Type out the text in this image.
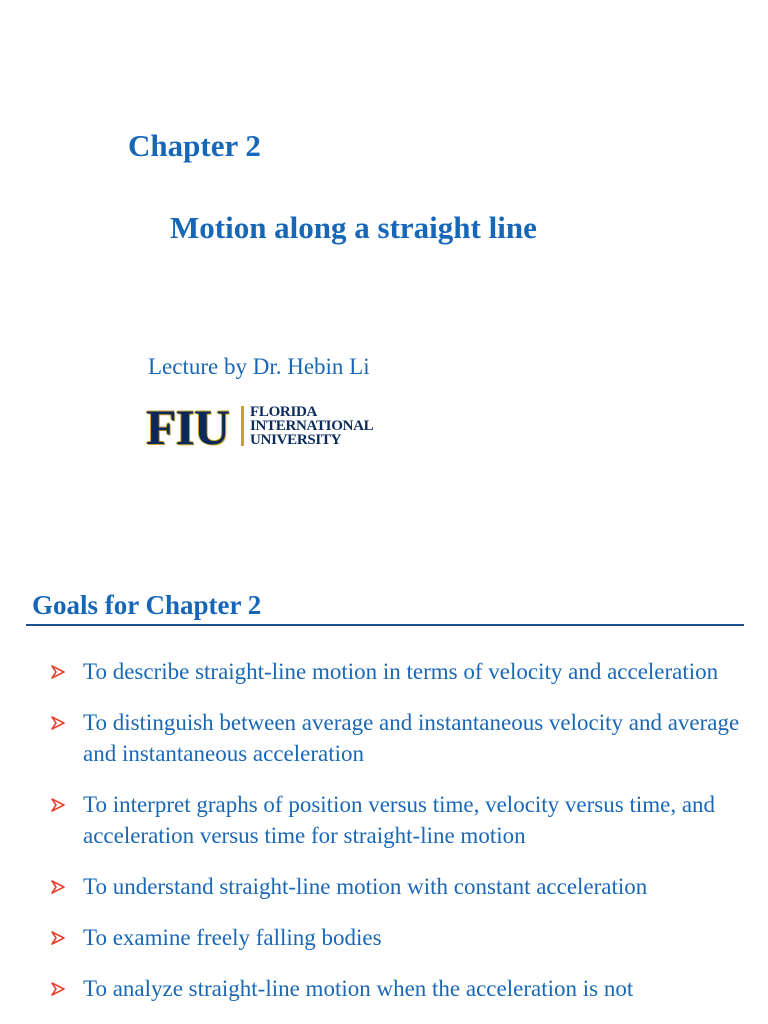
Chapter 2
Motion along a straight line
Lecture by Dr. Hebin Li
FIU FLORIDA
INTERNATIONAL
UNIVERSITY
Goals for Chapter 2
To describe straight-line motion in terms of velocity and acceleration
To distinguish between average and instantaneous velocity and average and instantaneous acceleration
To interpret graphs of position versus time, velocity versus time, and acceleration versus time for straight-line motion
To understand straight-line motion with constant acceleration
To examine freely falling bodies
To analyze straight-line motion when the acceleration is not
